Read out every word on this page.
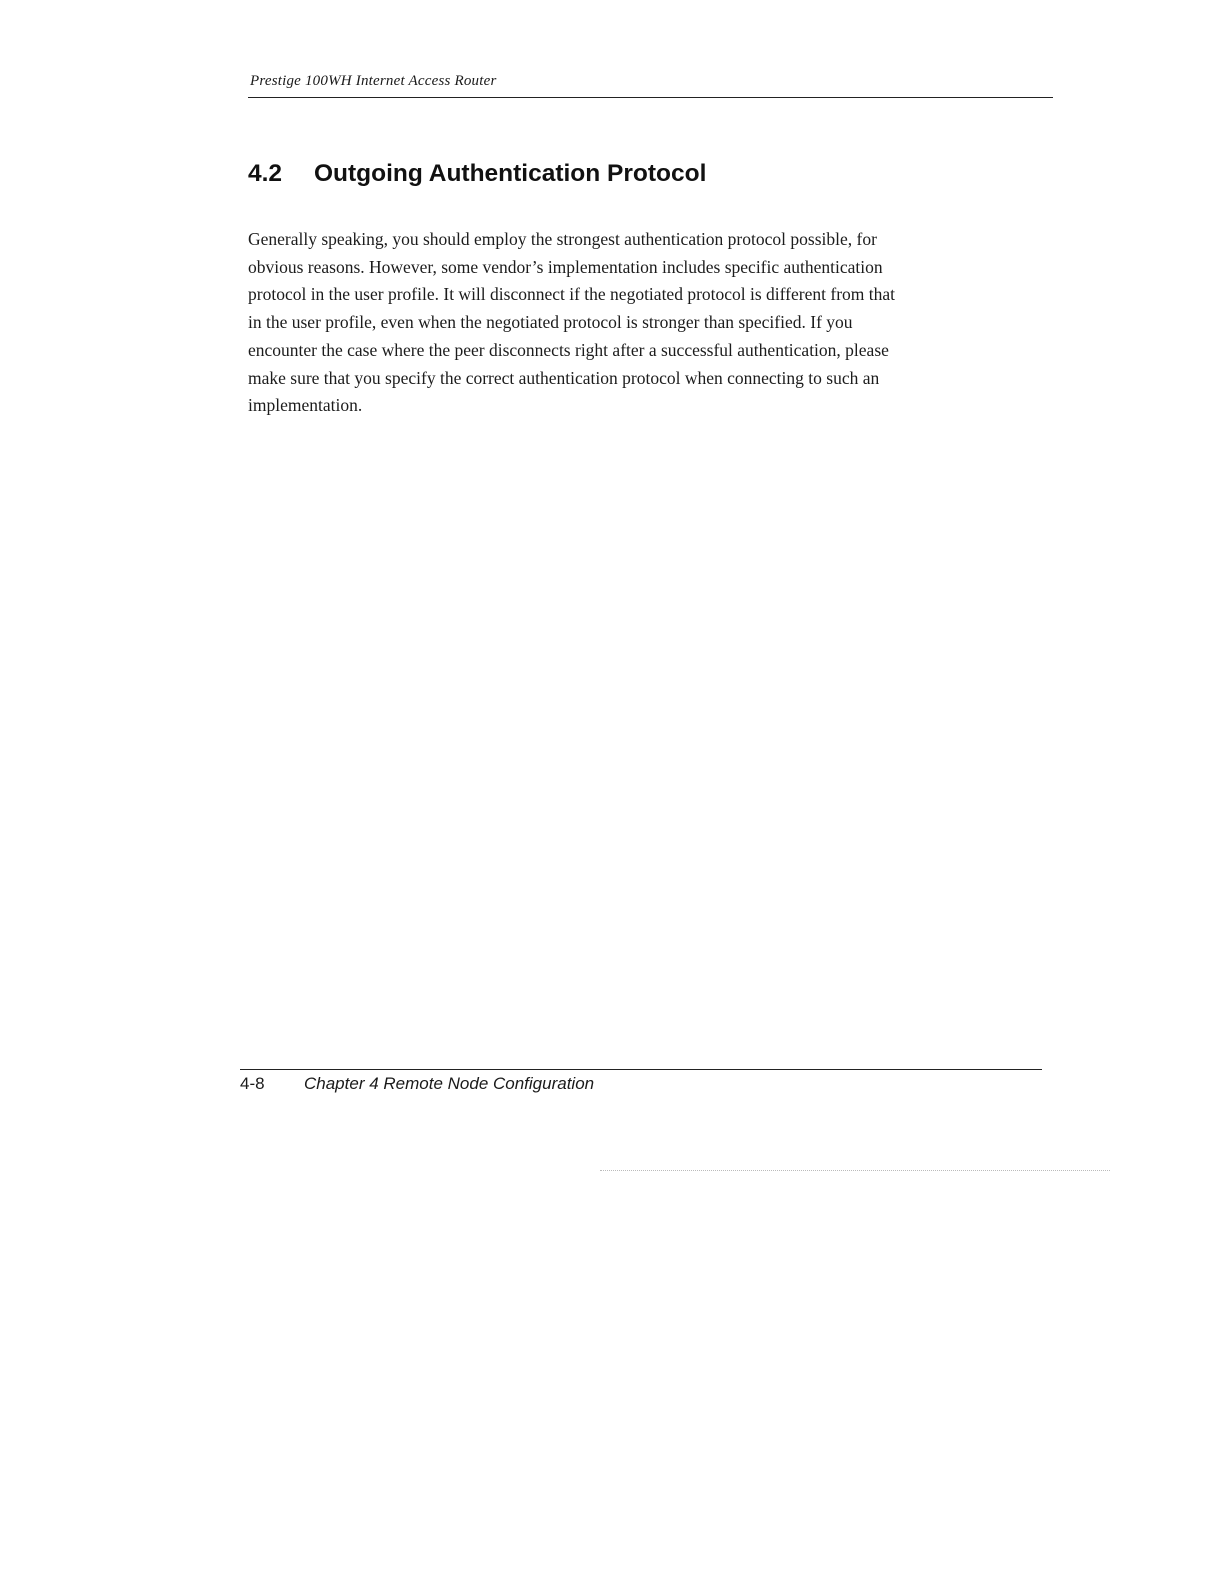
Prestige 100WH Internet Access Router
4.2 Outgoing Authentication Protocol
Generally speaking, you should employ the strongest authentication protocol possible, for
obvious reasons. However, some vendor’s implementation includes specific authentication
protocol in the user profile. It will disconnect if the negotiated protocol is different from that
in the user profile, even when the negotiated protocol is stronger than specified. If you
encounter the case where the peer disconnects right after a successful authentication, please
make sure that you specify the correct authentication protocol when connecting to such an
implementation.
4-8 Chapter 4 Remote Node Configuration
